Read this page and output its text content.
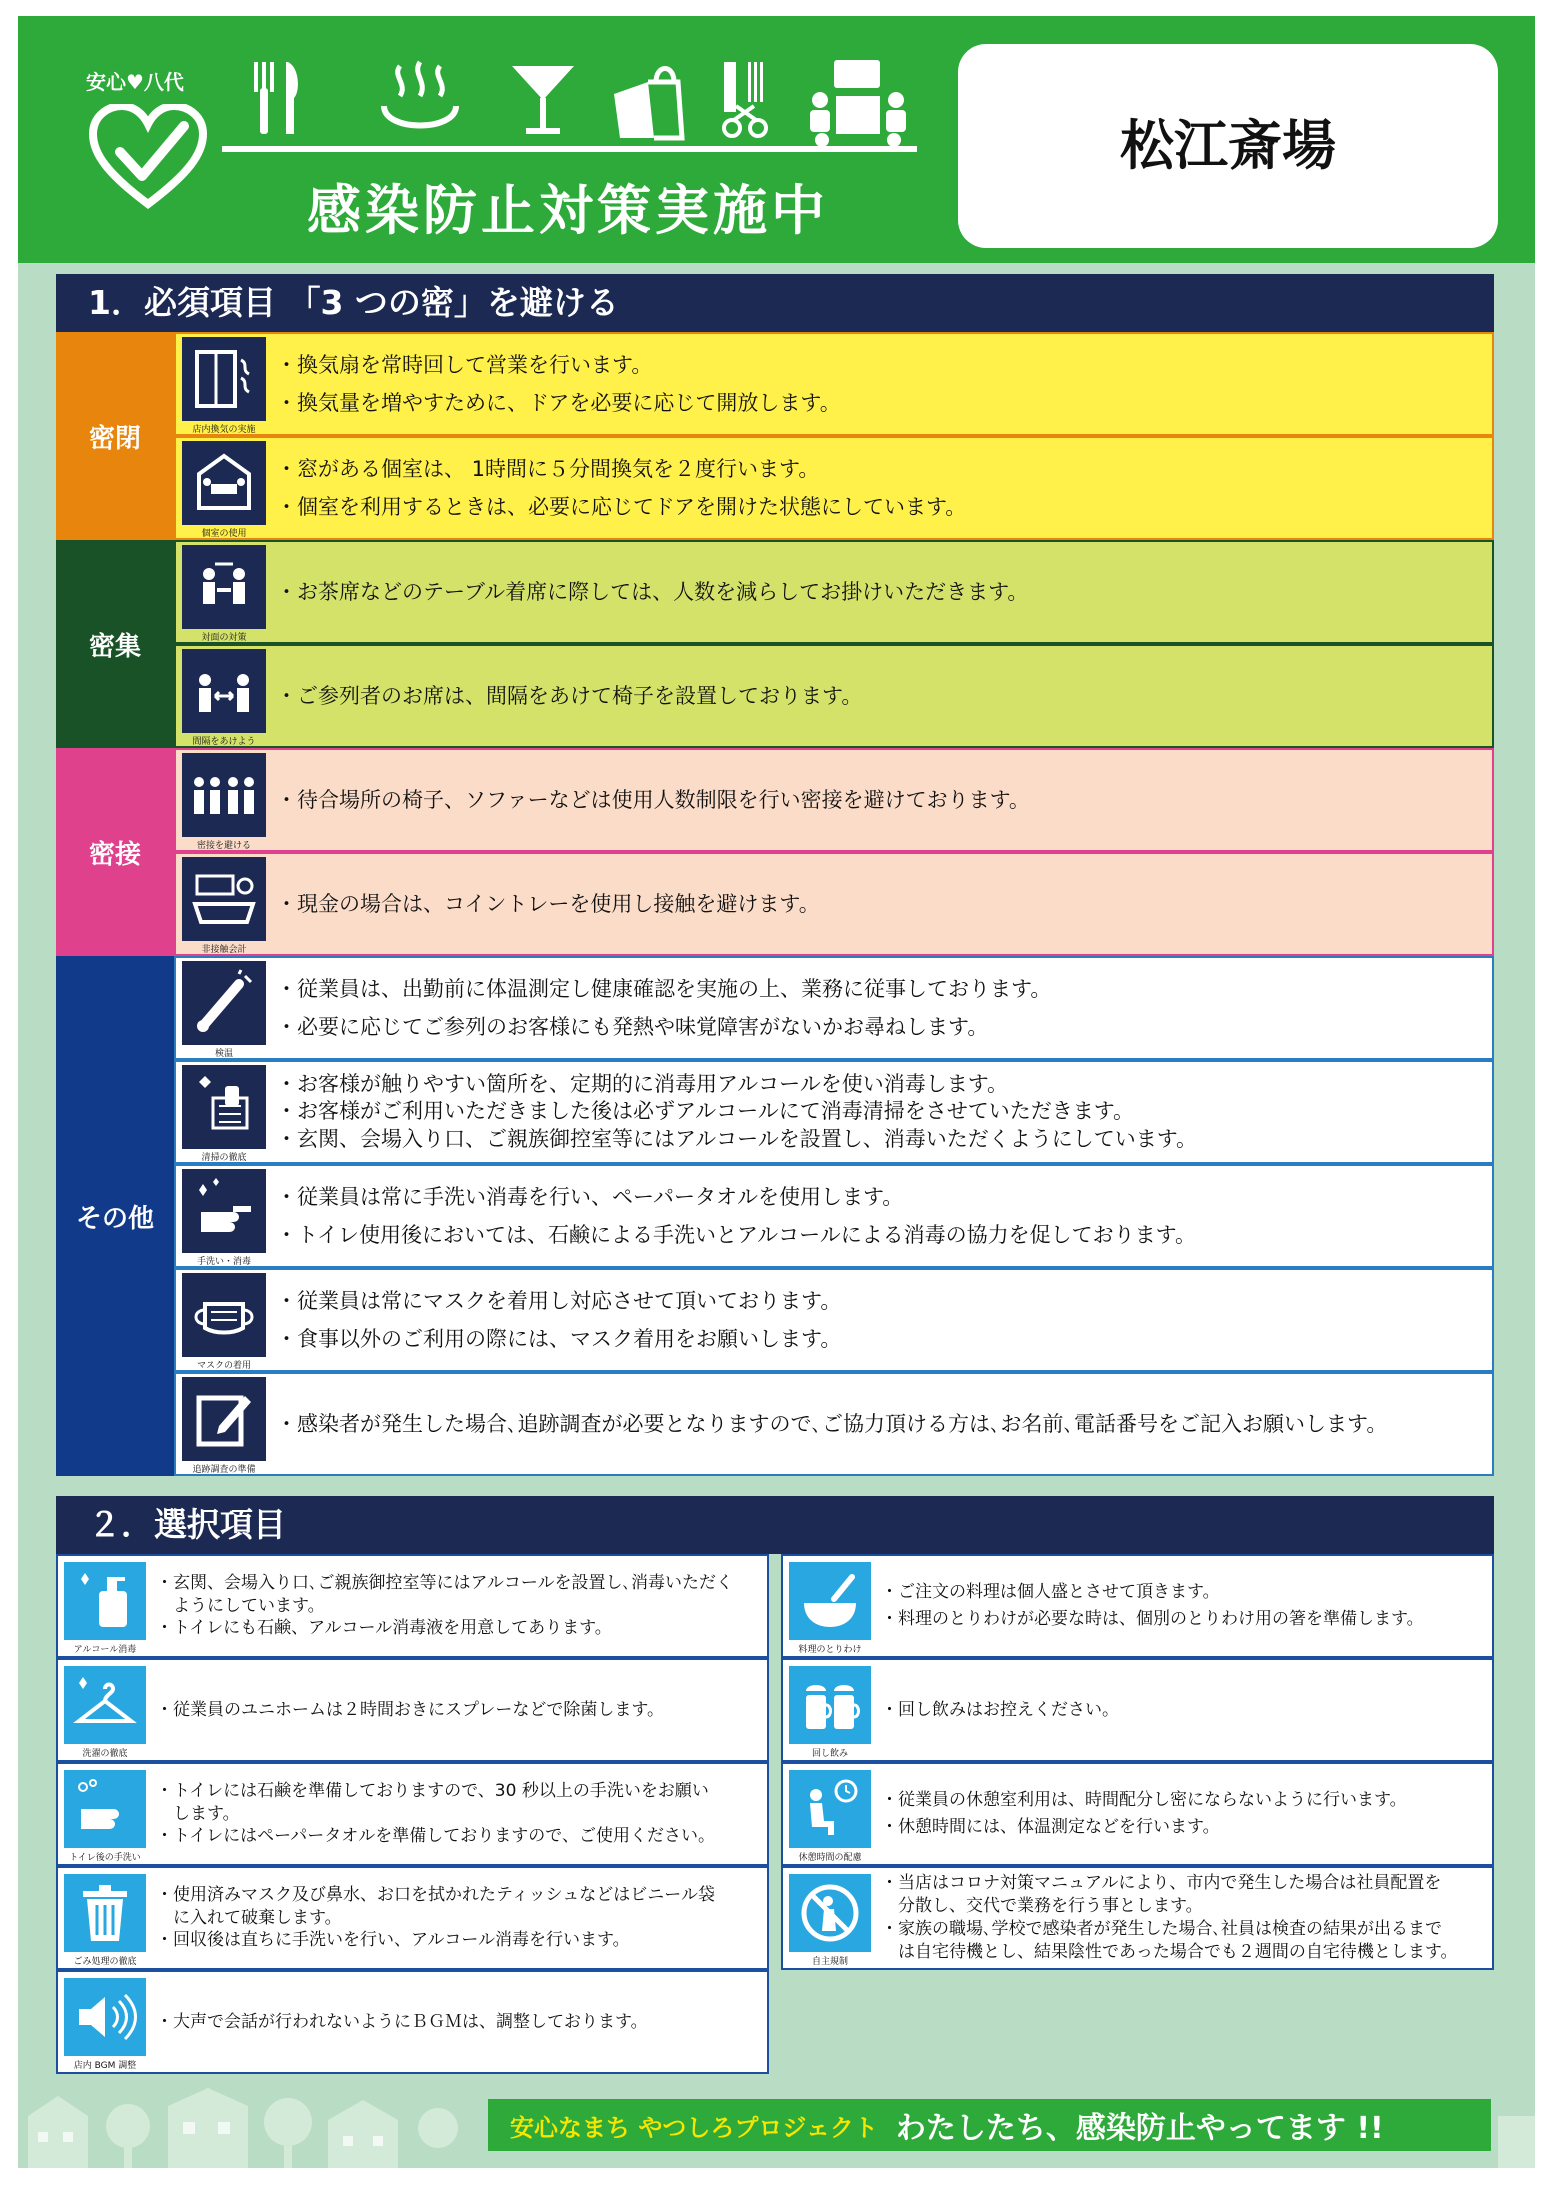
安心♥八代
感染防止対策実施中
松江斎場
1．必須項目 「3 つの密」を避ける
密閉	店内換気の実施
・換気扇を常時回して営業を行います。
・換気量を増やすために、ドアを必要に応じて開放します。
個室の使用
・窓がある個室は、 1時間に５分間換気を２度行います。
・個室を利用するときは、必要に応じてドアを開けた状態にしています。
密集	対面の対策
・お茶席などのテーブル着席に際しては、人数を減らしてお掛けいただきます。
間隔をあけよう
・ご参列者のお席は、間隔をあけて椅子を設置しております。
密接	密接を避ける
・待合場所の椅子、ソファーなどは使用人数制限を行い密接を避けております。
非接触会計
・現金の場合は、コイントレーを使用し接触を避けます。
その他
検温
・従業員は、出勤前に体温測定し健康確認を実施の上、業務に従事しております。
・必要に応じてご参列のお客様にも発熱や味覚障害がないかお尋ねします。
清掃の徹底
・お客様が触りやすい箇所を、定期的に消毒用アルコールを使い消毒します。
・お客様がご利用いただきました後は必ずアルコールにて消毒清掃をさせていただきます。
・玄関、会場入り口、ご親族御控室等にはアルコールを設置し、消毒いただくようにしています。
手洗い・消毒
・従業員は常に手洗い消毒を行い、ペーパータオルを使用します。
・トイレ使用後においては、石鹸による手洗いとアルコールによる消毒の協力を促しております。
マスクの着用
・従業員は常にマスクを着用し対応させて頂いております。
・食事以外のご利用の際には、マスク着用をお願いします。
追跡調査の準備
・感染者が発生した場合､追跡調査が必要となりますので､ご協力頂ける方は､お名前､電話番号をご記入お願いします。
２．選択項目
アルコール消毒
・玄関、会場入り口､ご親族御控室等にはアルコールを設置し､消毒いただく
　ようにしています。
・トイレにも石鹸、アルコール消毒液を用意してあります。
洗濯の徹底
・従業員のユニホームは２時間おきにスプレーなどで除菌します。
トイレ後の手洗い
・トイレには石鹸を準備しておりますので、30 秒以上の手洗いをお願い
　します。
・トイレにはペーパータオルを準備しておりますので、ご使用ください。
ごみ処理の徹底
・使用済みマスク及び鼻水、お口を拭かれたティッシュなどはビニール袋
　に入れて破棄します。
・回収後は直ちに手洗いを行い、アルコール消毒を行います。
店内 BGM 調整
・大声で会話が行われないようにＢＧＭは、調整しております。
料理のとりわけ
・ご注文の料理は個人盛とさせて頂きます。
・料理のとりわけが必要な時は、個別のとりわけ用の箸を準備します。
回し飲み
・回し飲みはお控えください。
休憩時間の配慮
・従業員の休憩室利用は、時間配分し密にならないように行います。
・休憩時間には、体温測定などを行います。
自主規制
・当店はコロナ対策マニュアルにより、市内で発生した場合は社員配置を
　分散し、交代で業務を行う事とします。
・家族の職場､学校で感染者が発生した場合､社員は検査の結果が出るまで
　は自宅待機とし、結果陰性であった場合でも２週間の自宅待機とします。
安心なまち やつしろプロジェクト わたしたち、感染防止やってます !!
